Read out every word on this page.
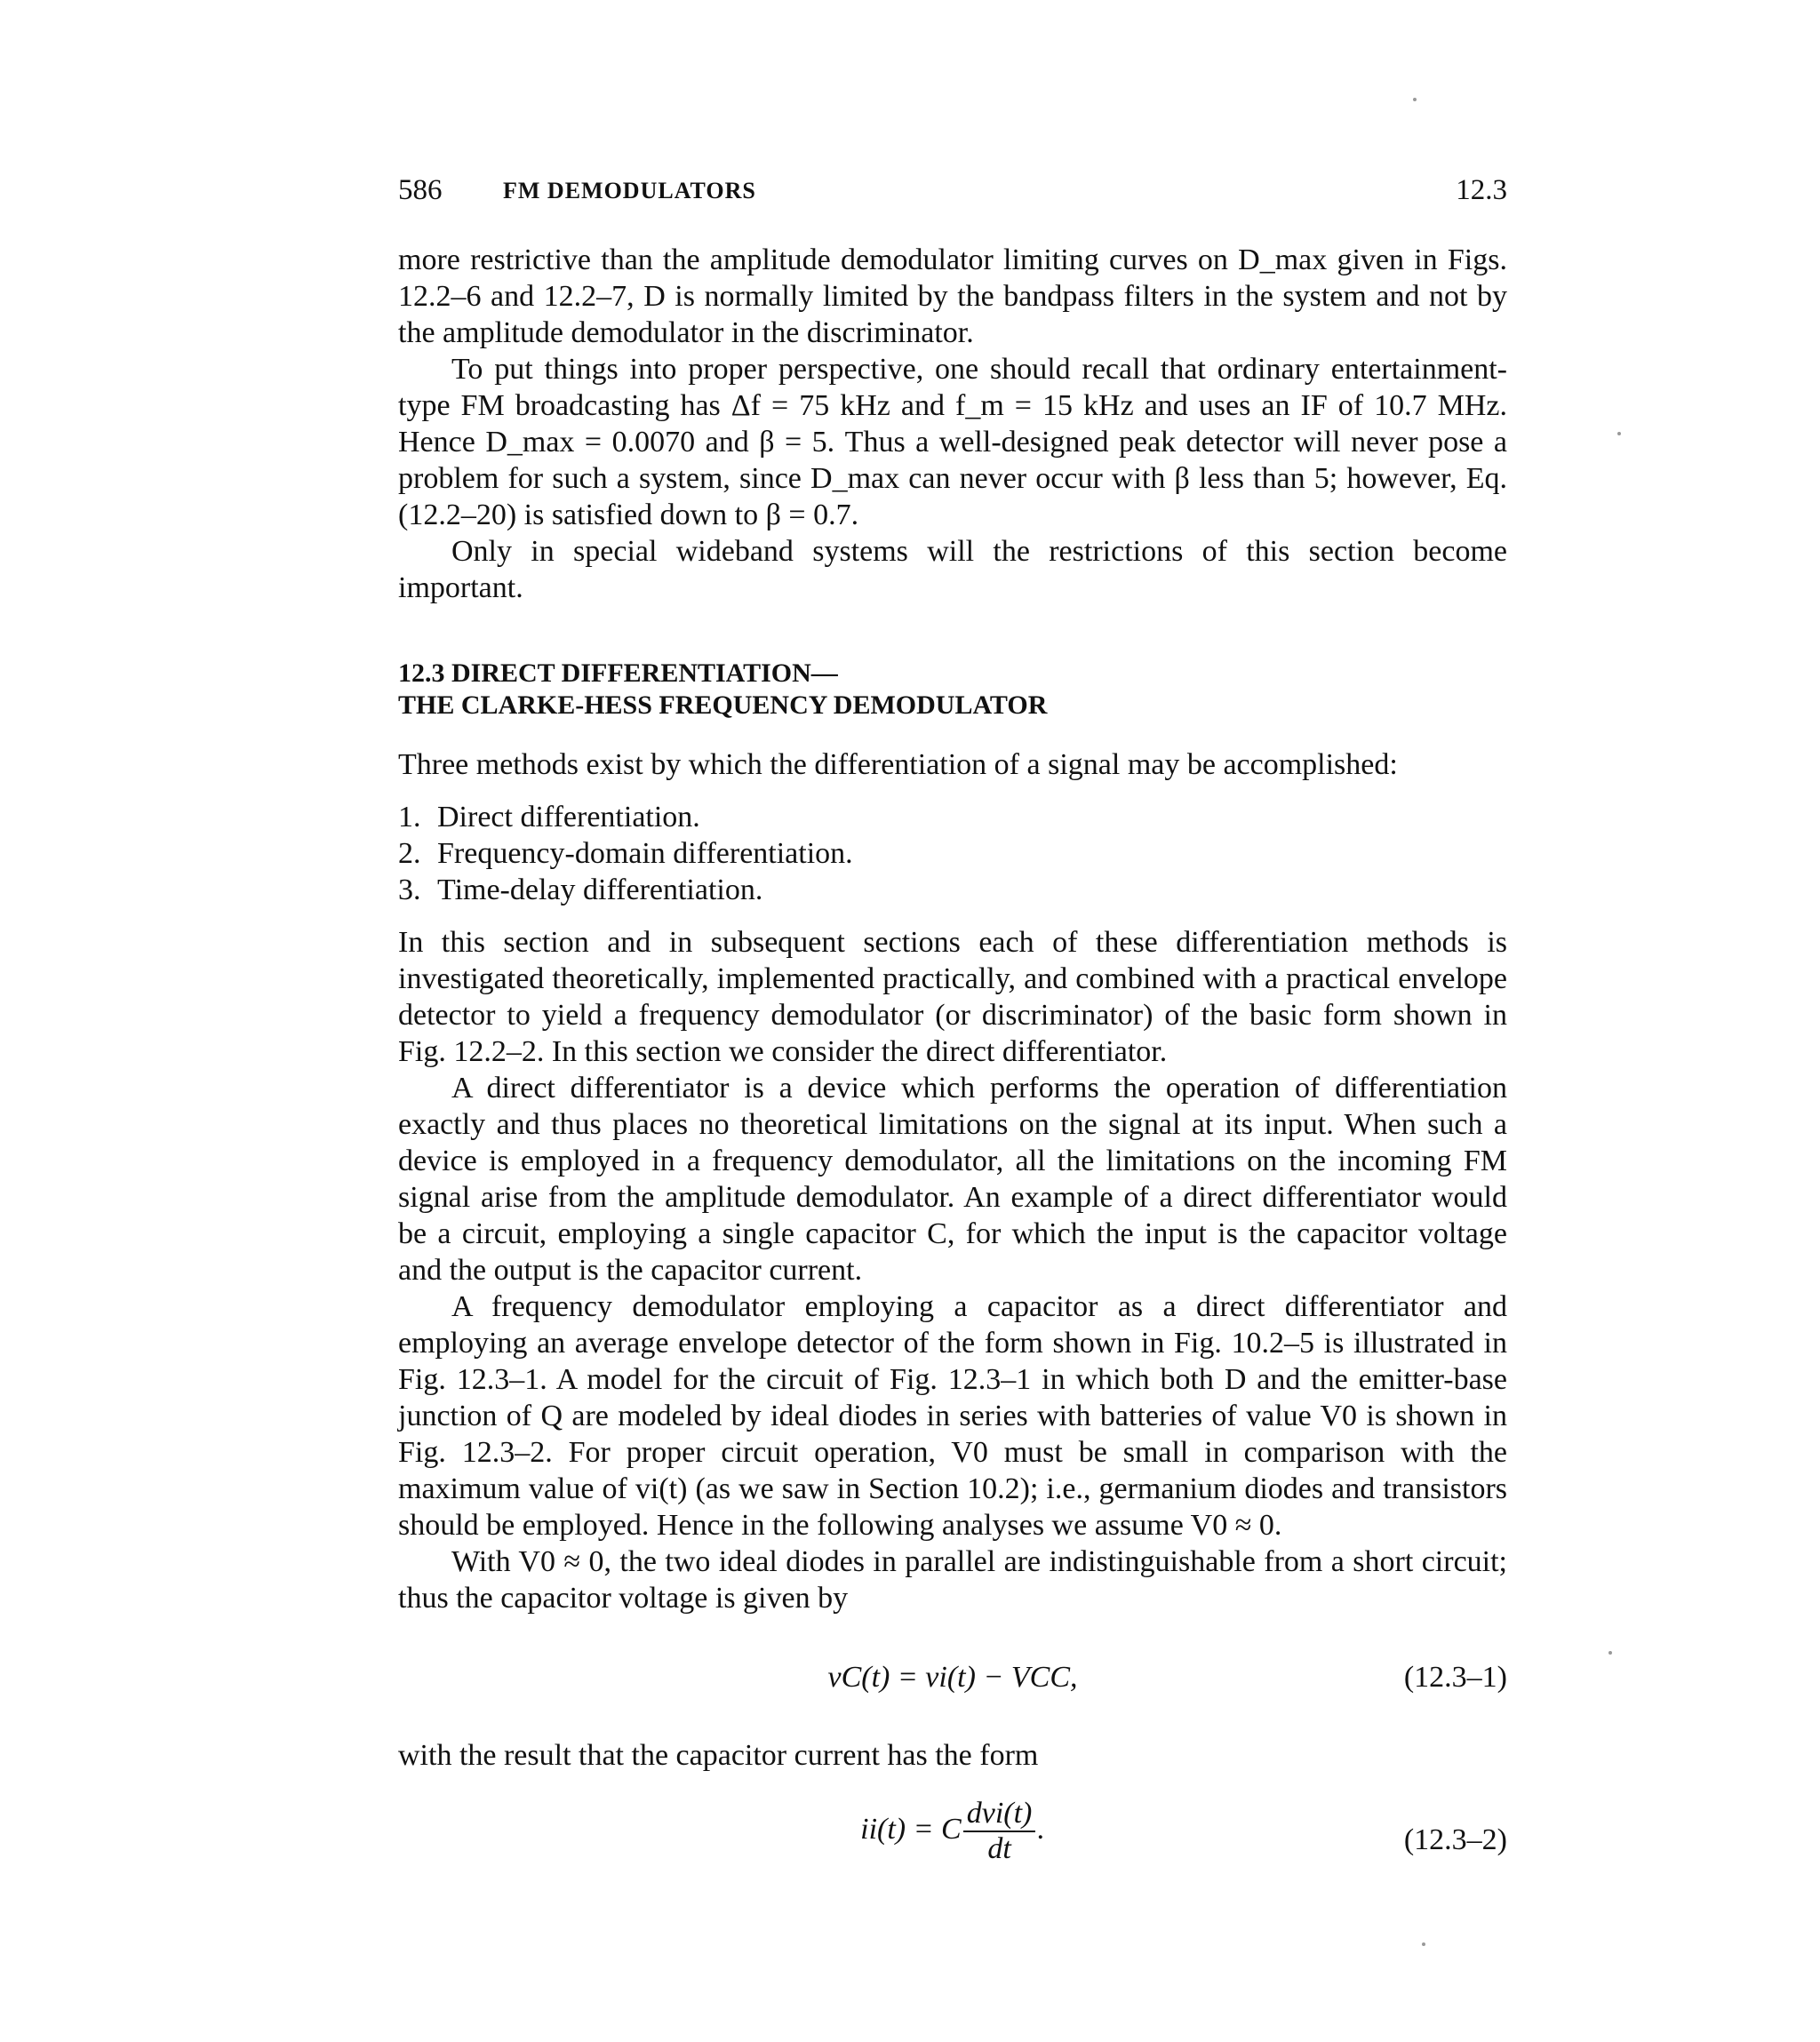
586	FM DEMODULATORS	12.3

more restrictive than the amplitude demodulator limiting curves on D_max given in Figs. 12.2–6 and 12.2–7, D is normally limited by the bandpass filters in the system and not by the amplitude demodulator in the discriminator.

To put things into proper perspective, one should recall that ordinary entertainment-type FM broadcasting has Δf = 75 kHz and f_m = 15 kHz and uses an IF of 10.7 MHz. Hence D_max = 0.0070 and β = 5. Thus a well-designed peak detector will never pose a problem for such a system, since D_max can never occur with β less than 5; however, Eq. (12.2–20) is satisfied down to β = 0.7.

Only in special wideband systems will the restrictions of this section become important.

12.3 DIRECT DIFFERENTIATION—
THE CLARKE-HESS FREQUENCY DEMODULATOR

Three methods exist by which the differentiation of a signal may be accomplished:

1. Direct differentiation.
2. Frequency-domain differentiation.
3. Time-delay differentiation.

In this section and in subsequent sections each of these differentiation methods is investigated theoretically, implemented practically, and combined with a practical envelope detector to yield a frequency demodulator (or discriminator) of the basic form shown in Fig. 12.2–2. In this section we consider the direct differentiator.

A direct differentiator is a device which performs the operation of differentiation exactly and thus places no theoretical limitations on the signal at its input. When such a device is employed in a frequency demodulator, all the limitations on the incoming FM signal arise from the amplitude demodulator. An example of a direct differentiator would be a circuit, employing a single capacitor C, for which the input is the capacitor voltage and the output is the capacitor current.

A frequency demodulator employing a capacitor as a direct differentiator and employing an average envelope detector of the form shown in Fig. 10.2–5 is illustrated in Fig. 12.3–1. A model for the circuit of Fig. 12.3–1 in which both D and the emitter-base junction of Q are modeled by ideal diodes in series with batteries of value V0 is shown in Fig. 12.3–2. For proper circuit operation, V0 must be small in comparison with the maximum value of vi(t) (as we saw in Section 10.2); i.e., germanium diodes and transistors should be employed. Hence in the following analyses we assume V0 ≈ 0.

With V0 ≈ 0, the two ideal diodes in parallel are indistinguishable from a short circuit; thus the capacitor voltage is given by

vC(t) = vi(t) − VCC,	(12.3–1)

with the result that the capacitor current has the form

ii(t) = C $\frac{\text{dvi(t)}}{dt}$ .	(12.3–2)
